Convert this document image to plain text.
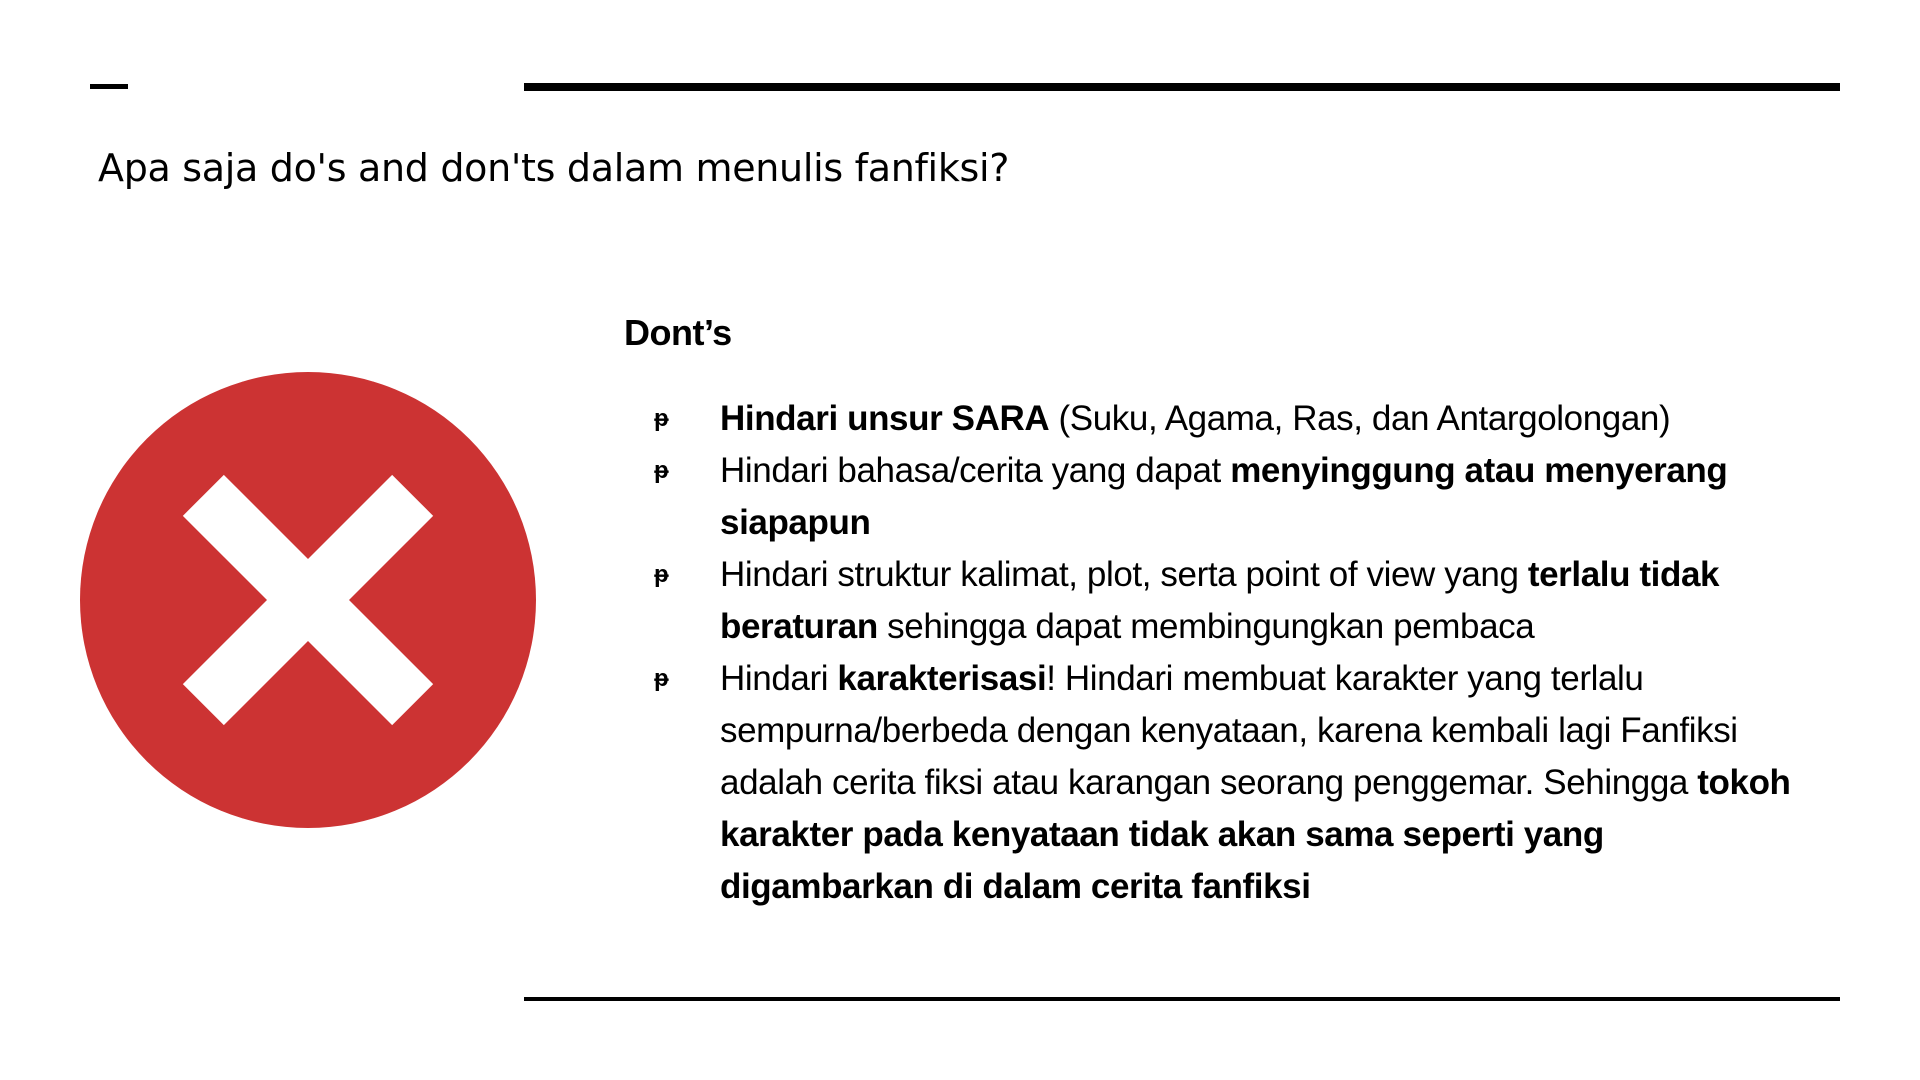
Apa saja do's and don'ts dalam menulis fanfiksi?
Dont’s
ᵽ	Hindari unsur SARA (Suku, Agama, Ras, dan Antargolongan)
ᵽ	Hindari bahasa/cerita yang dapat menyinggung atau menyerang siapapun
ᵽ	Hindari struktur kalimat, plot, serta point of view yang terlalu tidak beraturan sehingga dapat membingungkan pembaca
ᵽ	Hindari karakterisasi! Hindari membuat karakter yang terlalu sempurna/berbeda dengan kenyataan, karena kembali lagi Fanfiksi adalah cerita fiksi atau karangan seorang penggemar. Sehingga tokoh karakter pada kenyataan tidak akan sama seperti yang digambarkan di dalam cerita fanfiksi
